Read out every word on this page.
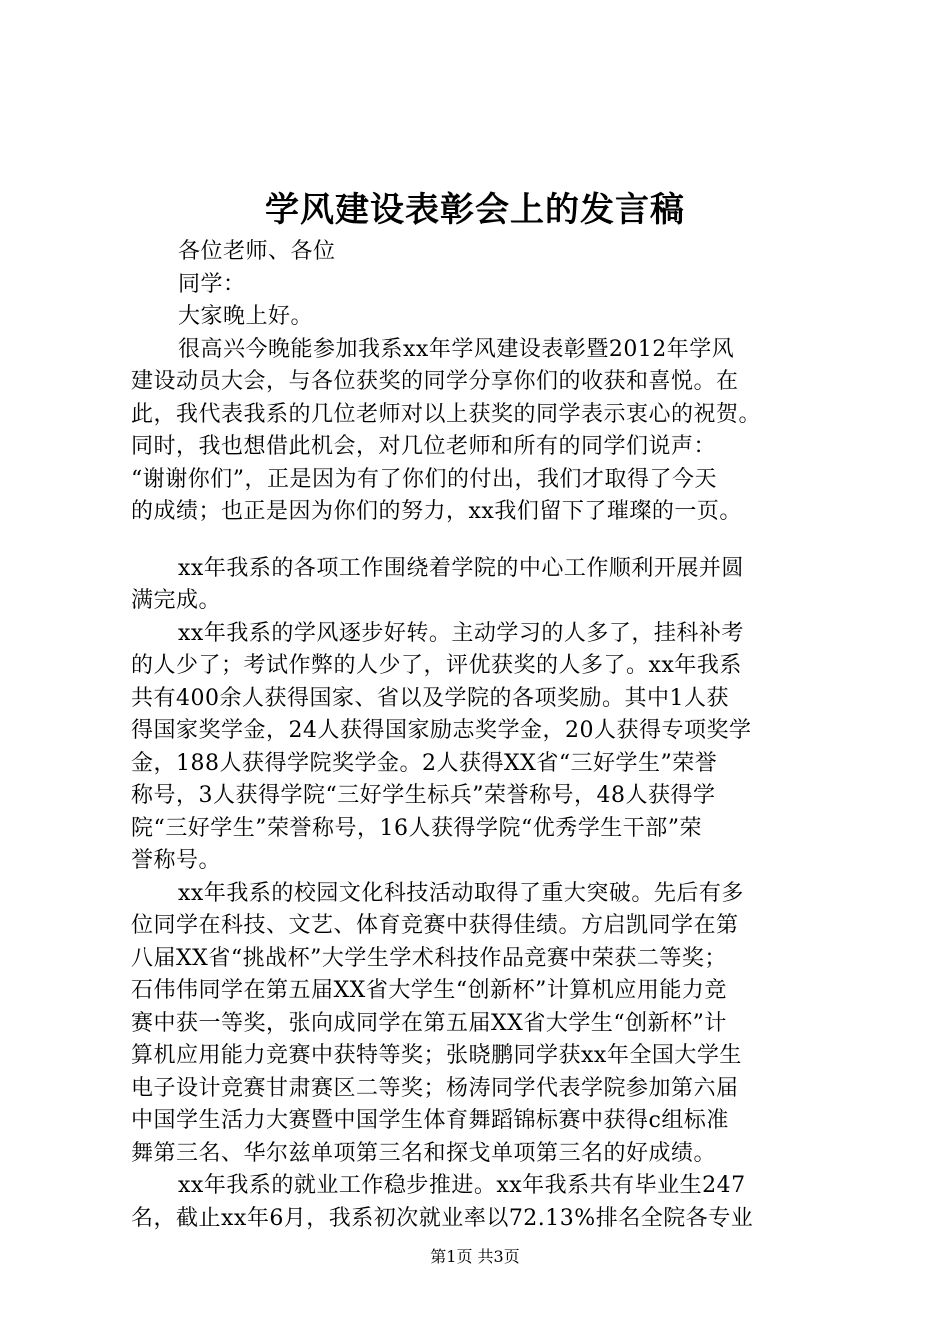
学风建设表彰会上的发言稿
各位老师、各位
同学：
大家晚上好。
很高兴今晚能参加我系xx年学风建设表彰暨2012年学风
建设动员大会，与各位获奖的同学分享你们的收获和喜悦。在
此，我代表我系的几位老师对以上获奖的同学表示衷心的祝贺。
同时，我也想借此机会，对几位老师和所有的同学们说声：
“谢谢你们”，正是因为有了你们的付出，我们才取得了今天
的成绩；也正是因为你们的努力，xx我们留下了璀璨的一页。
xx年我系的各项工作围绕着学院的中心工作顺利开展并圆
满完成。
xx年我系的学风逐步好转。主动学习的人多了，挂科补考
的人少了；考试作弊的人少了，评优获奖的人多了。xx年我系
共有400余人获得国家、省以及学院的各项奖励。其中1人获
得国家奖学金，24人获得国家励志奖学金，20人获得专项奖学
金，188人获得学院奖学金。2人获得XX省“三好学生”荣誉
称号，3人获得学院“三好学生标兵”荣誉称号，48人获得学
院“三好学生”荣誉称号，16人获得学院“优秀学生干部”荣
誉称号。
xx年我系的校园文化科技活动取得了重大突破。先后有多
位同学在科技、文艺、体育竞赛中获得佳绩。方启凯同学在第
八届XX省“挑战杯”大学生学术科技作品竞赛中荣获二等奖；
石伟伟同学在第五届XX省大学生“创新杯”计算机应用能力竞
赛中获一等奖，张向成同学在第五届XX省大学生“创新杯”计
算机应用能力竞赛中获特等奖；张晓鹏同学获xx年全国大学生
电子设计竞赛甘肃赛区二等奖；杨涛同学代表学院参加第六届
中国学生活力大赛暨中国学生体育舞蹈锦标赛中获得c组标准
舞第三名、华尔兹单项第三名和探戈单项第三名的好成绩。
xx年我系的就业工作稳步推进。xx年我系共有毕业生247
名，截止xx年6月，我系初次就业率以72.13%排名全院各专业
第1页 共3页
